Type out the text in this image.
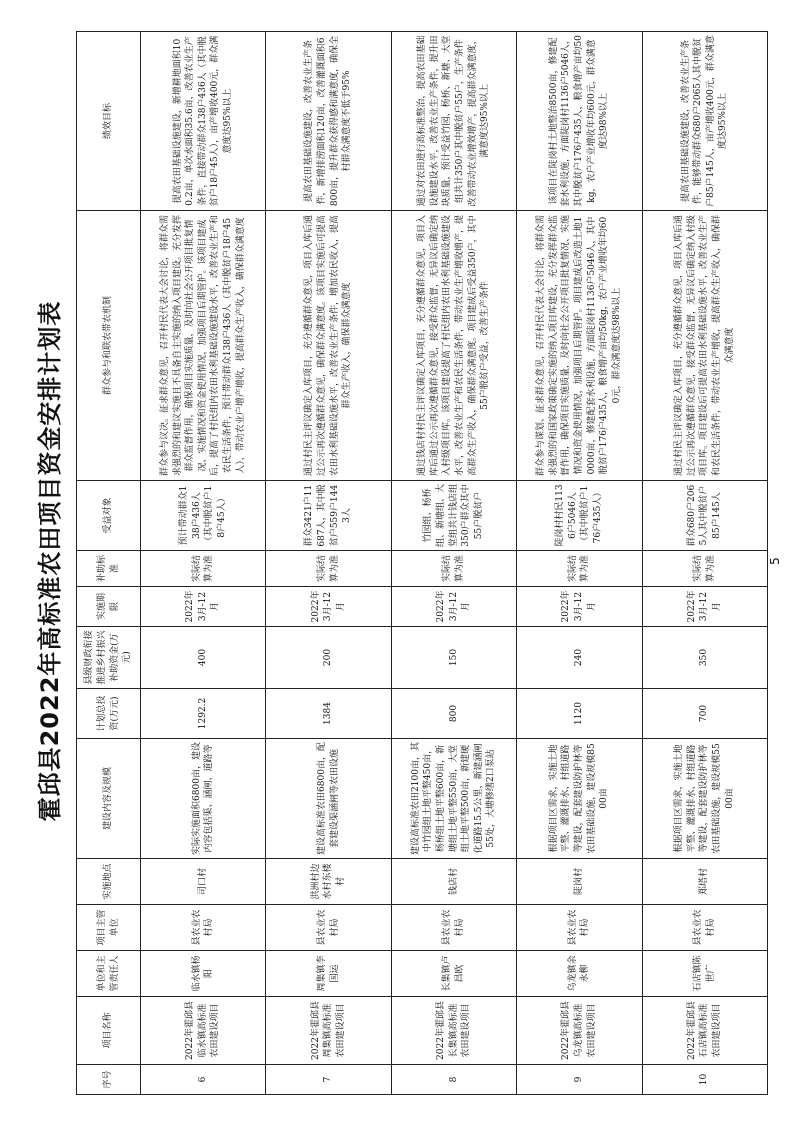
霍邱县2022年高标准农田项目资金安排计划表
序号	项目名称	单位和主管责任人	项目主管单位	实施地点	建设内容及规模	计划总投资(万元)	县级财政衔接推进乡村振兴补助资金(万元)	实施期限	补助标准	受益对象	群众参与和联农带农机制	绩效目标
6	2022年霍邱县临水镇高标准农田建设项目	临水镇杨阳	县农业农村局	司口村	实际实施面积6800亩，建设内容包括渠、涵闸、道路等	1292.2	400	2022年3月-12月	实际结算为准	预计带动群众138户436人（其中脱贫户18户45人）	群众参与议决。征求群众意见，召开村民代表大会讨论，将群众需求强烈的和建议实施且不具备自主实施的纳入项目建设。充分发挥群众监督作用，确保项目实施质量，及时向社会公开项目批复情况、实施情况和资金使用情况，加强项目后期管护。该项目建成后，提高了村民组内农田水利基础设施建设水平，改善农业生产和农民生活条件，预计带动群众138户436人（其中脱贫户18户45人），带动农业户增产增收，提高群众生产收入，确保群众满意度	提高农田基础设施建设，新增耕地面积100.2亩，单次水面积35.6亩，改善农业生产条件，直接带动群众138户436人（其中脱贫户18户45人），亩产增收400元，群众满意度达95%以上
7	2022年霍邱县周集镇高标准农田建设项目	周集镇李国运	县农业农村局	洪洲村边水村东楼村	建设高标准农田6800亩，配套建设渠涵闸等农田设施	1384	200	2022年3月-12月	实际结算为准	群众3421户11687人，其中脱贫户559户1443人	通过村民主评议确定入库项目，充分遵循群众意见，项目入库后通过公示再次遵循群众意见，确保群众满意度。该项目实施后可提高农田水利基础设施水平，改善农业生产条件，增加农民收入，提高群众生产收入，确保群众满意度	提高农田基础设施建设，改善农业生产条件，新增排涝面积120亩，改善灌溉面积6800亩，提升群众获得感和满意度，确保全村群众满意度不低于95%
8	2022年霍邱县长集镇高标准农田建设项目	长集镇卢昌欧	县农业农村局	钱店村	建设高标准农田2100亩，其中竹园组土地平整450亩，杨桥组土地平整600亩，新塘组土地平整550亩，大堂组土地平整500亩，新建硬化道路15.5公里，新建涵闸55处，大塘修缮2口泵站	800	150	2022年3月-12月	实际结算为准	竹园组、杨桥组、新塘组、大堂组共计钱店组350户群众其中55户脱贫户	通过钱店村村民主评议确定入库项目，充分遵循群众意见，项目入库后通过公示再次遵循群众意见，接受群众监督，无异议后确定纳入村级项目库。该项目建设提高了村民组内农田水利基础设施建设水平，改善农业生产和农民生活条件，带动农业生产增收增产，提高群众生产收入，确保群众满意度。项目建成后受益350户，其中55户脱贫户受益，改善生产条件	通过对农田进行高标准整治，提高农田基础设施建设水平，改善农业生产条件，提升田块质量，预计受益竹园、杨桥、新塘、大堂组共计350户其中脱贫户55户，生产条件改善带动农业增效增产，提高群众满意度，满意度达95%以上
9	2022年霍邱县乌龙镇高标准农田建设项目	乌龙镇余永柳	县农业农村局	陡岗村	根据项目区需求，实施土地平整、灌溉排水、村组道路等建设，配套建设防护林等农田基础设施，建设规模8500亩	1120	240	2022年3月-12月	实际结算为准	陡岗村村民1136户5046人（其中脱贫户176户435人）	群众参与谋划、征求群众意见，召开村民代表大会讨论，将群众需求强烈的和国家政策确定实施的纳入项目库建设，充分发挥群众监督作用，确保项目实施质量，及时向社会公开项目批复情况、实施情况和资金使用情况，加强项目后期管护。项目建成后改造土地10000亩，修建配套水利设施，方面陡岗村1136户5046人，其中脱贫户176户435人，粮食增产亩均50kg，农户产业增收年均600元，群众满意度达98%以上	该项目在陡岗村土地整治8500亩，修建配套水利设施，方面陡岗村1136户5046人，其中脱贫户176户435人，粮食增产亩均50kg，农户产业增收年均600元，群众满意度达98%以上
10	2022年霍邱县石店镇高标准农田建设项目	石店镇陈世广	县农业农村局	郑塔村	根据项目区需求，实施土地平整、灌溉排水、村组道路等建设，配套建设防护林等农田基础设施，建设规模5500亩	700	350	2022年3月-12月	实际结算为准	群众680户2065人其中脱贫户85户145人	通过村民主评议确定入库项目，充分遵循群众意见，项目入库后通过公示再次遵循群众意见，接受群众监督，无异议后确定纳入村级项目库。项目建设后可提高农田水利基础设施水平，改善农业生产和农民生活条件，带动农业生产增收，提高群众生产收入，确保群众满意度	提高农田基础设施建设，改善农业生产条件，能够带动群众680户2065人其中脱贫户85户145人，亩产增收400元，群众满意度达95%以上
5
